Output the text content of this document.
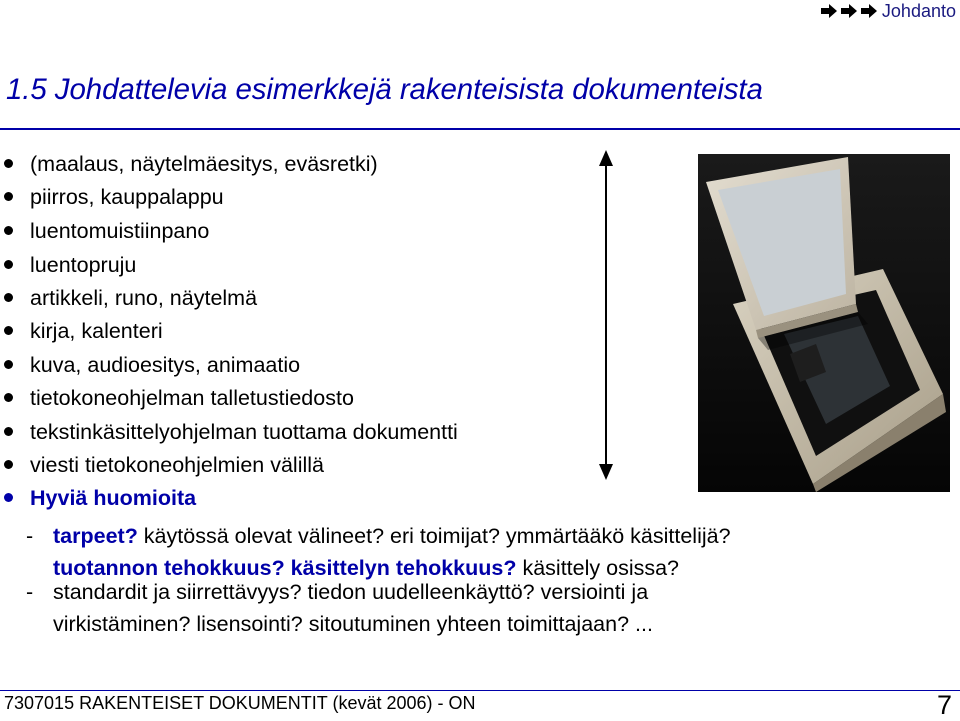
Johdanto
1.5 Johdattelevia esimerkkejä rakenteisista dokumenteista
(maalaus, näytelmäesitys, eväsretki)
piirros, kauppalappu
luentomuistiinpano
luentopruju
artikkeli, runo, näytelmä
kirja, kalenteri
kuva, audioesitys, animaatio
tietokoneohjelman talletustiedosto
tekstinkäsittelyohjelman tuottama dokumentti
viesti tietokoneohjelmien välillä
Hyviä huomioita
- tarpeet? käytössä olevat välineet? eri toimijat? ymmärtääkö käsittelijä?
tuotannon tehokkuus? käsittelyn tehokkuus? käsittely osissa?
- standardit ja siirrettävyys? tiedon uudelleenkäyttö? versiointi ja
virkistäminen? lisensointi? sitoutuminen yhteen toimittajaan? ...
7307015 RAKENTEISET DOKUMENTIT (kevät 2006) - ON	7
